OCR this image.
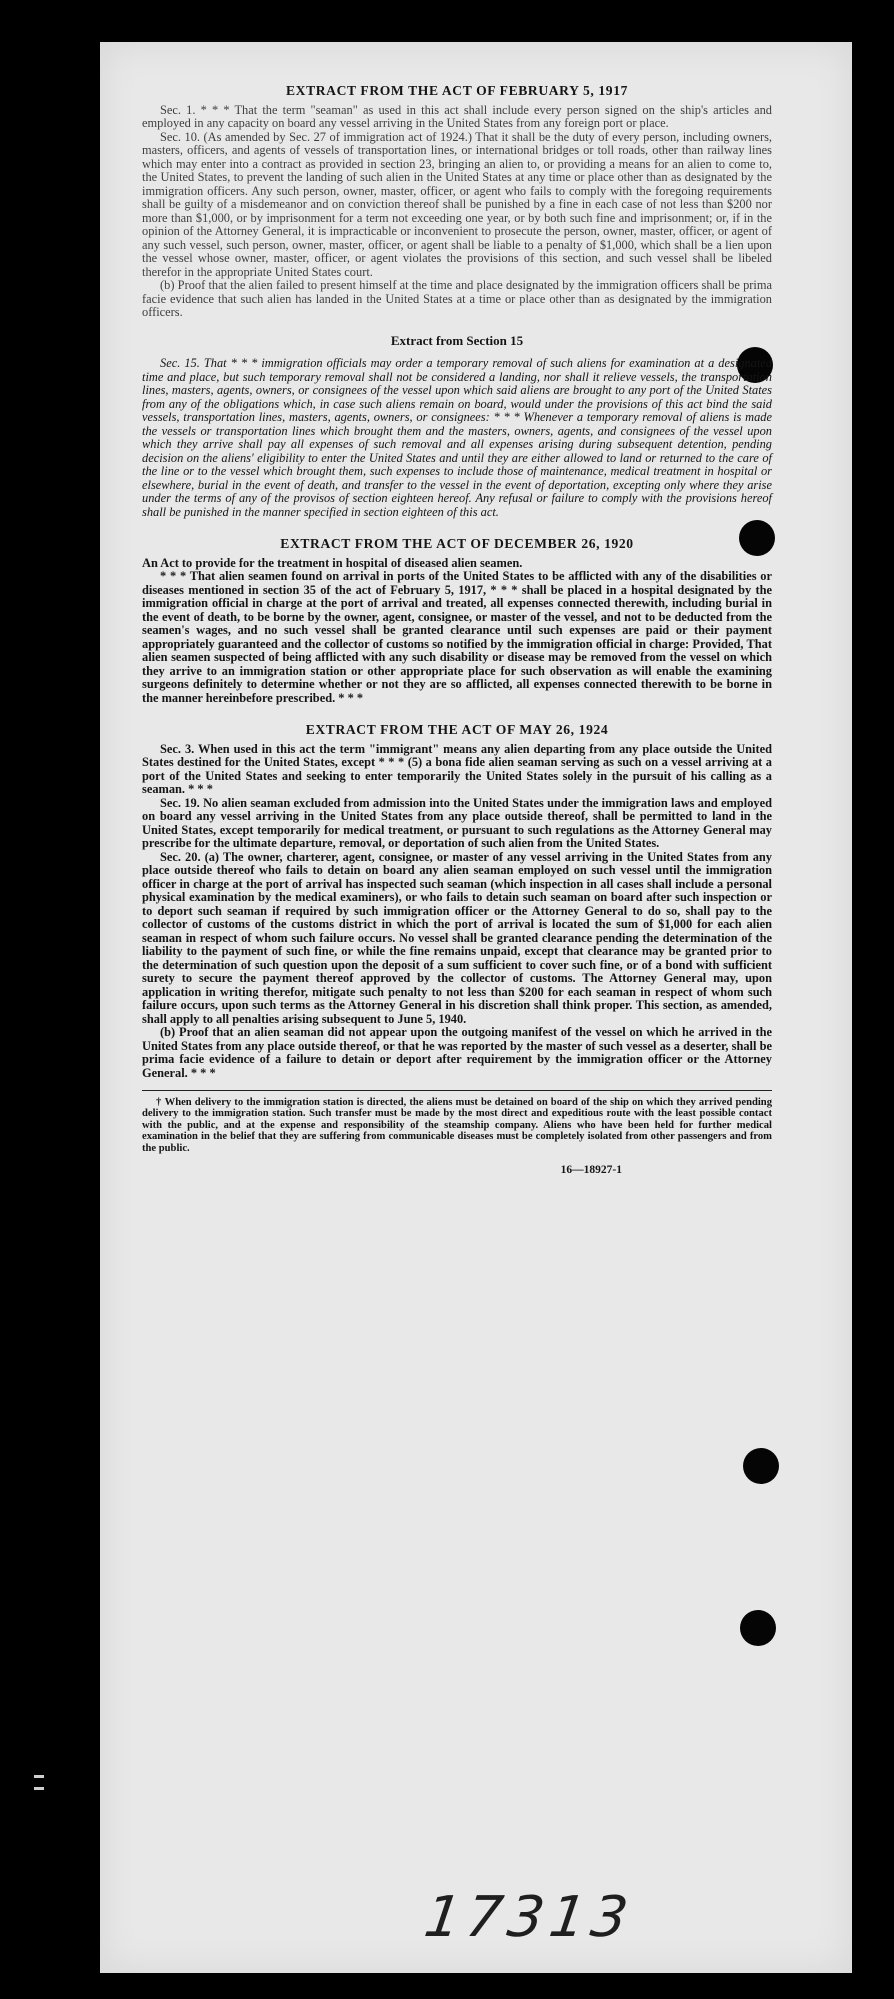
EXTRACT FROM THE ACT OF FEBRUARY 5, 1917

Sec. 1. * * * That the term "seaman" as used in this act shall include every person signed on the ship's articles and employed in any capacity on board any vessel arriving in the United States from any foreign port or place.

Sec. 10. (As amended by Sec. 27 of immigration act of 1924.) That it shall be the duty of every person, including owners, masters, officers, and agents of vessels of transportation lines, or international bridges or toll roads, other than railway lines which may enter into a contract as provided in section 23, bringing an alien to, or providing a means for an alien to come to, the United States, to prevent the landing of such alien in the United States at any time or place other than as designated by the immigration officers. Any such person, owner, master, officer, or agent who fails to comply with the foregoing requirements shall be guilty of a misdemeanor and on conviction thereof shall be punished by a fine in each case of not less than $200 nor more than $1,000, or by imprisonment for a term not exceeding one year, or by both such fine and imprisonment; or, if in the opinion of the Attorney General, it is impracticable or inconvenient to prosecute the person, owner, master, officer, or agent of any such vessel, such person, owner, master, officer, or agent shall be liable to a penalty of $1,000, which shall be a lien upon the vessel whose owner, master, officer, or agent violates the provisions of this section, and such vessel shall be libeled therefor in the appropriate United States court.

(b) Proof that the alien failed to present himself at the time and place designated by the immigration officers shall be prima facie evidence that such alien has landed in the United States at a time or place other than as designated by the immigration officers.

Extract from Section 15

Sec. 15. That * * * immigration officials may order a temporary removal of such aliens for examination at a designated time and place, but such temporary removal shall not be considered a landing, nor shall it relieve vessels, the transportation lines, masters, agents, owners, or consignees of the vessel upon which said aliens are brought to any port of the United States from any of the obligations which, in case such aliens remain on board, would under the provisions of this act bind the said vessels, transportation lines, masters, agents, owners, or consignees: * * * Whenever a temporary removal of aliens is made the vessels or transportation lines which brought them and the masters, owners, agents, and consignees of the vessel upon which they arrive shall pay all expenses of such removal and all expenses arising during subsequent detention, pending decision on the aliens' eligibility to enter the United States and until they are either allowed to land or returned to the care of the line or to the vessel which brought them, such expenses to include those of maintenance, medical treatment in hospital or elsewhere, burial in the event of death, and transfer to the vessel in the event of deportation, excepting only where they arise under the terms of any of the provisos of section eighteen hereof. Any refusal or failure to comply with the provisions hereof shall be punished in the manner specified in section eighteen of this act.

EXTRACT FROM THE ACT OF DECEMBER 26, 1920

An Act to provide for the treatment in hospital of diseased alien seamen.

* * * That alien seamen found on arrival in ports of the United States to be afflicted with any of the disabilities or diseases mentioned in section 35 of the act of February 5, 1917, * * * shall be placed in a hospital designated by the immigration official in charge at the port of arrival and treated, all expenses connected therewith, including burial in the event of death, to be borne by the owner, agent, consignee, or master of the vessel, and not to be deducted from the seamen's wages, and no such vessel shall be granted clearance until such expenses are paid or their payment appropriately guaranteed and the collector of customs so notified by the immigration official in charge: Provided, That alien seamen suspected of being afflicted with any such disability or disease may be removed from the vessel on which they arrive to an immigration station or other appropriate place for such observation as will enable the examining surgeons definitely to determine whether or not they are so afflicted, all expenses connected therewith to be borne in the manner hereinbefore prescribed. * * *

EXTRACT FROM THE ACT OF MAY 26, 1924

Sec. 3. When used in this act the term "immigrant" means any alien departing from any place outside the United States destined for the United States, except * * * (5) a bona fide alien seaman serving as such on a vessel arriving at a port of the United States and seeking to enter temporarily the United States solely in the pursuit of his calling as a seaman. * * *

Sec. 19. No alien seaman excluded from admission into the United States under the immigration laws and employed on board any vessel arriving in the United States from any place outside thereof, shall be permitted to land in the United States, except temporarily for medical treatment, or pursuant to such regulations as the Attorney General may prescribe for the ultimate departure, removal, or deportation of such alien from the United States.

Sec. 20. (a) The owner, charterer, agent, consignee, or master of any vessel arriving in the United States from any place outside thereof who fails to detain on board any alien seaman employed on such vessel until the immigration officer in charge at the port of arrival has inspected such seaman (which inspection in all cases shall include a personal physical examination by the medical examiners), or who fails to detain such seaman on board after such inspection or to deport such seaman if required by such immigration officer or the Attorney General to do so, shall pay to the collector of customs of the customs district in which the port of arrival is located the sum of $1,000 for each alien seaman in respect of whom such failure occurs. No vessel shall be granted clearance pending the determination of the liability to the payment of such fine, or while the fine remains unpaid, except that clearance may be granted prior to the determination of such question upon the deposit of a sum sufficient to cover such fine, or of a bond with sufficient surety to secure the payment thereof approved by the collector of customs. The Attorney General may, upon application in writing therefor, mitigate such penalty to not less than $200 for each seaman in respect of whom such failure occurs, upon such terms as the Attorney General in his discretion shall think proper. This section, as amended, shall apply to all penalties arising subsequent to June 5, 1940.

(b) Proof that an alien seaman did not appear upon the outgoing manifest of the vessel on which he arrived in the United States from any place outside thereof, or that he was reported by the master of such vessel as a deserter, shall be prima facie evidence of a failure to detain or deport after requirement by the immigration officer or the Attorney General. * * *

† When delivery to the immigration station is directed, the aliens must be detained on board of the ship on which they arrived pending delivery to the immigration station. Such transfer must be made by the most direct and expeditious route with the least possible contact with the public, and at the expense and responsibility of the steamship company. Aliens who have been held for further medical examination in the belief that they are suffering from communicable diseases must be completely isolated from other passengers and from the public.

16—18927-1
17313
